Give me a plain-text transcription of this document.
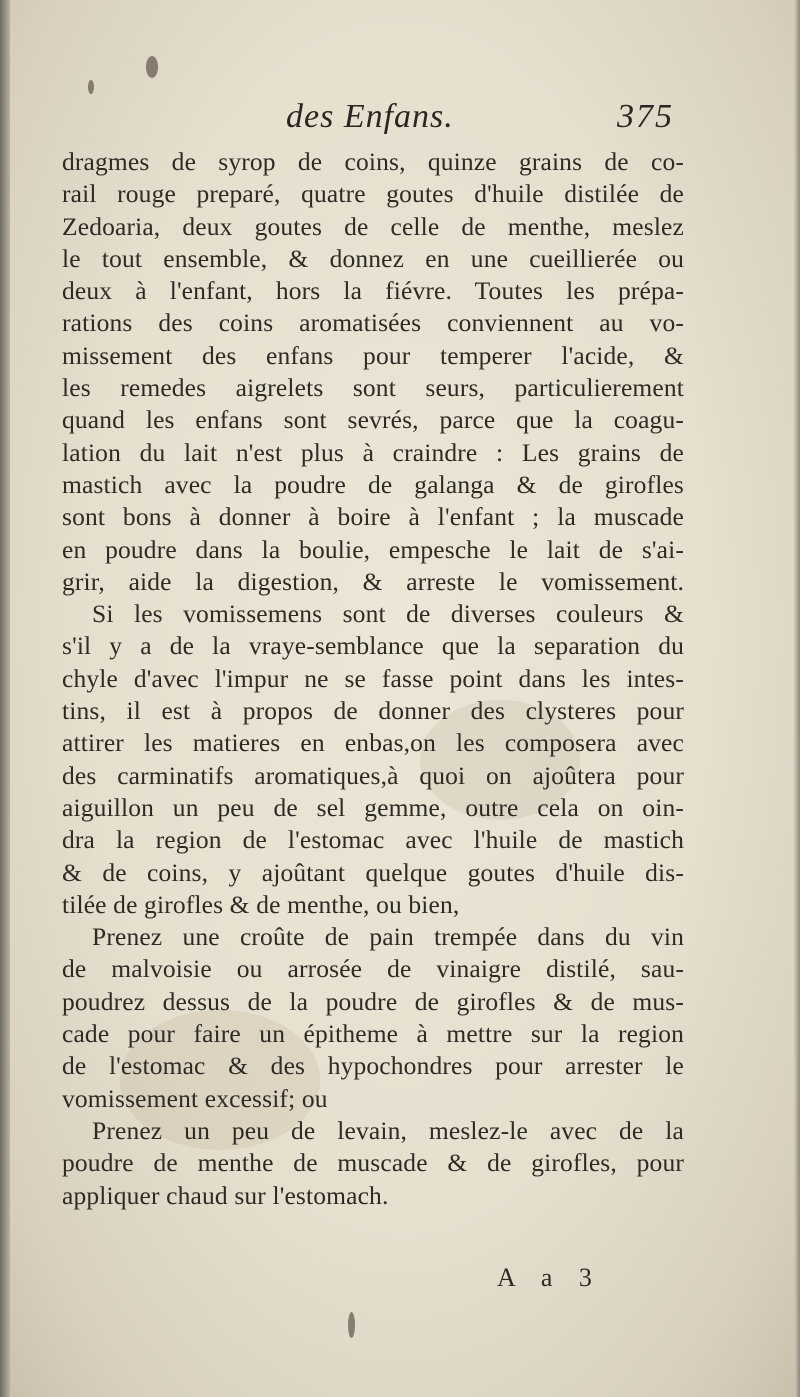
des Enfans.	375
dragmes de syrop de coins, quinze grains de co-
rail rouge preparé, quatre goutes d'huile distilée de
Zedoaria, deux goutes de celle de menthe, meslez
le tout ensemble, & donnez en une cueillierée ou
deux à l'enfant, hors la fiévre. Toutes les prépa-
rations des coins aromatisées conviennent au vo-
missement des enfans pour temperer l'acide, &
les remedes aigrelets sont seurs, particulierement
quand les enfans sont sevrés, parce que la coagu-
lation du lait n'est plus à craindre : Les grains de
mastich avec la poudre de galanga & de girofles
sont bons à donner à boire à l'enfant ; la muscade
en poudre dans la boulie, empesche le lait de s'ai-
grir, aide la digestion, & arreste le vomissement.
Si les vomissemens sont de diverses couleurs &
s'il y a de la vraye-semblance que la separation du
chyle d'avec l'impur ne se fasse point dans les intes-
tins, il est à propos de donner des clysteres pour
attirer les matieres en enbas,on les composera avec
des carminatifs aromatiques,à quoi on ajoûtera pour
aiguillon un peu de sel gemme, outre cela on oin-
dra la region de l'estomac avec l'huile de mastich
& de coins, y ajoûtant quelque goutes d'huile dis-
tilée de girofles & de menthe, ou bien,
Prenez une croûte de pain trempée dans du vin
de malvoisie ou arrosée de vinaigre distilé, sau-
poudrez dessus de la poudre de girofles & de mus-
cade pour faire un épitheme à mettre sur la region
de l'estomac & des hypochondres pour arrester le
vomissement excessif; ou
Prenez un peu de levain, meslez-le avec de la
poudre de menthe de muscade & de girofles, pour
appliquer chaud sur l'estomach.
A a 3
